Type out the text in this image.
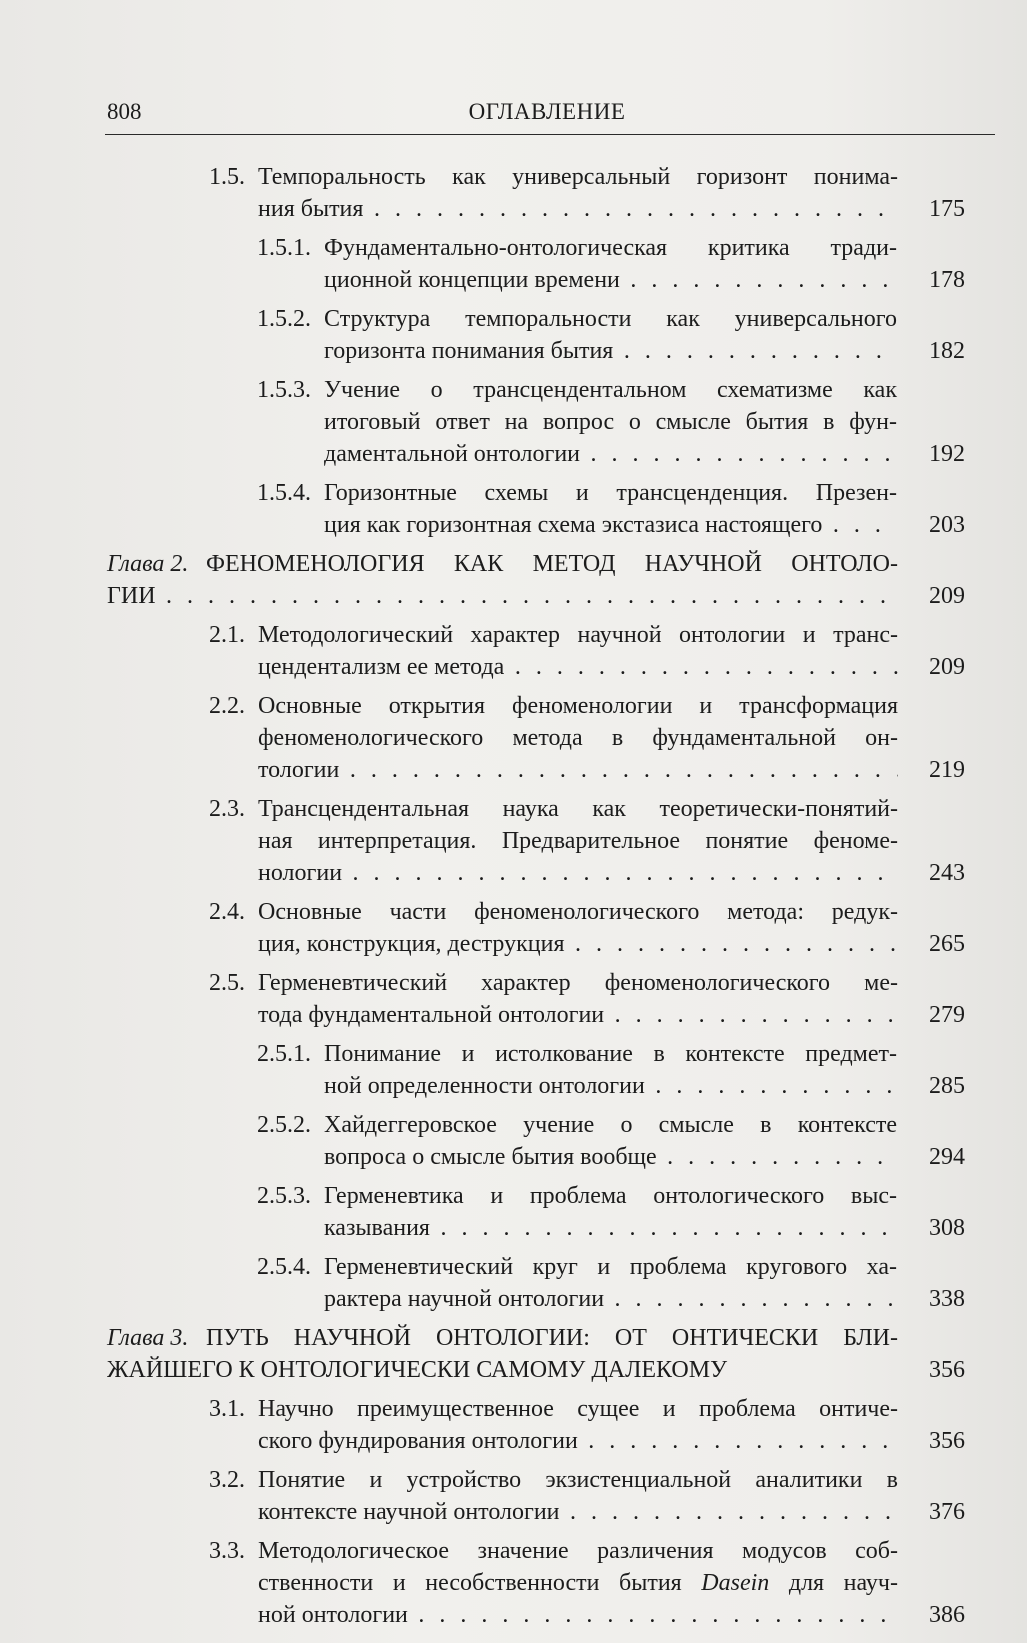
808	ОГЛАВЛЕНИЕ
1.5. Темпоральность как универсальный горизонт понима-
ния бытия . . .	175
1.5.1. Фундаментально-онтологическая критика тради-
ционной концепции времени . . .	178
1.5.2. Структура темпоральности как универсального
горизонта понимания бытия . . .	182
1.5.3. Учение о трансцендентальном схематизме как
итоговый ответ на вопрос о смысле бытия в фун-
даментальной онтологии . . .	192
1.5.4. Горизонтные схемы и трансценденция. Презен-
ция как горизонтная схема экстазиса настоящего . . .	203
Глава 2. ФЕНОМЕНОЛОГИЯ КАК МЕТОД НАУЧНОЙ ОНТОЛО-
ГИИ . . .	209
2.1. Методологический характер научной онтологии и транс-
цендентализм ее метода . . .	209
2.2. Основные открытия феноменологии и трансформация
феноменологического метода в фундаментальной он-
тологии . . .	219
2.3. Трансцендентальная наука как теоретически-понятий-
ная интерпретация. Предварительное понятие феноме-
нологии . . .	243
2.4. Основные части феноменологического метода: редук-
ция, конструкция, деструкция . . .	265
2.5. Герменевтический характер феноменологического ме-
тода фундаментальной онтологии . . .	279
2.5.1. Понимание и истолкование в контексте предмет-
ной определенности онтологии . . .	285
2.5.2. Хайдеггеровское учение о смысле в контексте
вопроса о смысле бытия вообще . . .	294
2.5.3. Герменевтика и проблема онтологического выс-
казывания . . .	308
2.5.4. Герменевтический круг и проблема кругового ха-
рактера научной онтологии . . .	338
Глава 3. ПУТЬ НАУЧНОЙ ОНТОЛОГИИ: ОТ ОНТИЧЕСКИ БЛИ-
ЖАЙШЕГО К ОНТОЛОГИЧЕСКИ САМОМУ ДАЛЕКОМУ	356
3.1. Научно преимущественное сущее и проблема онтиче-
ского фундирования онтологии . . .	356
3.2. Понятие и устройство экзистенциальной аналитики в
контексте научной онтологии . . .	376
3.3. Методологическое значение различения модусов соб-
ственности и несобственности бытия Dasein для науч-
ной онтологии . . .	386
